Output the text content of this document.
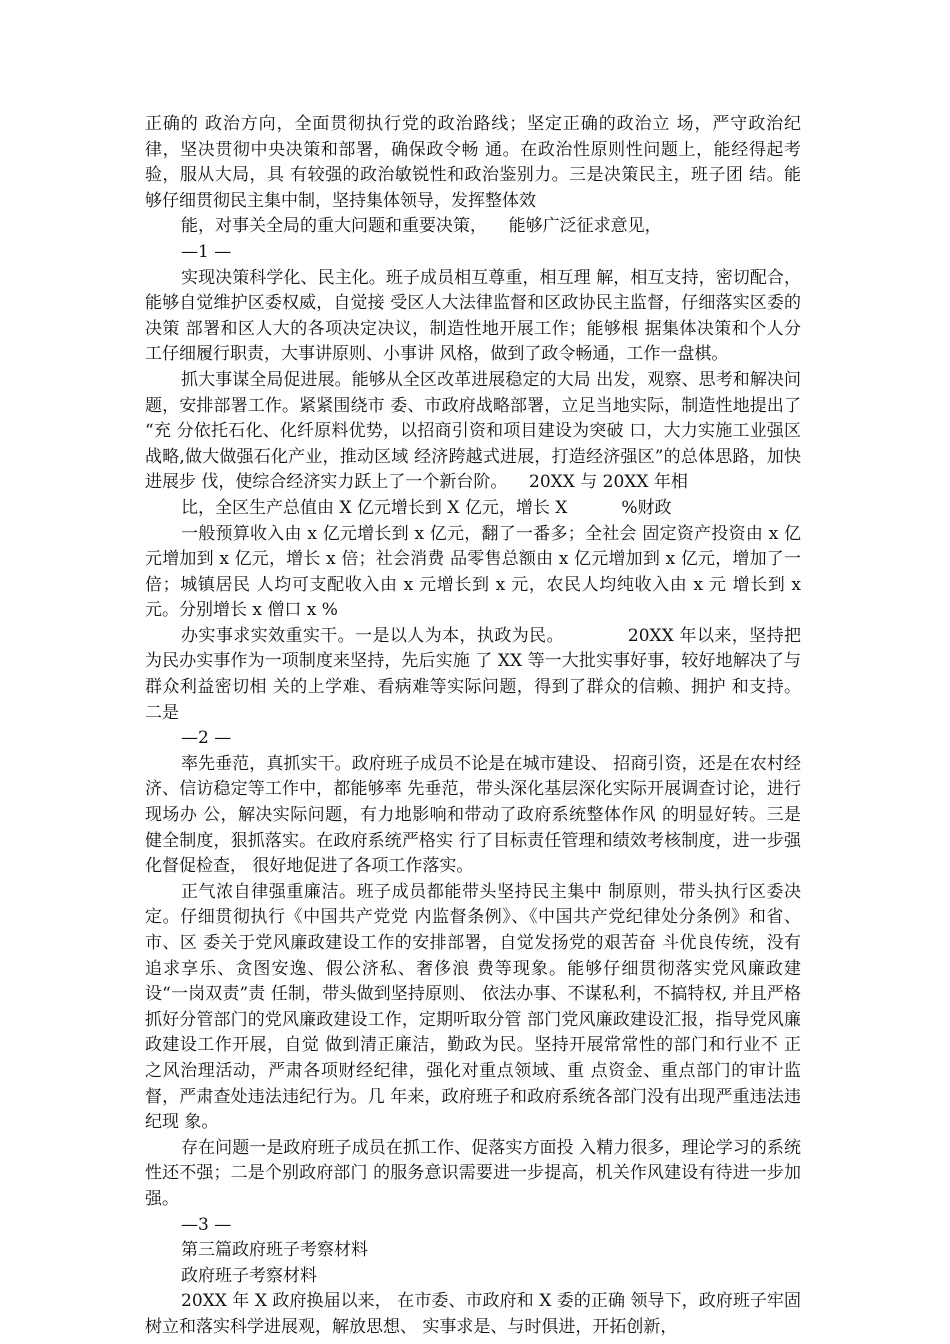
正确的 政治方向，全面贯彻执行党的政治路线；坚定正确的政治立 场，严守政治纪律，坚决贯彻中央决策和部署，确保政令畅 通。在政治性原则性问题上，能经得起考验，服从大局，具 有较强的政治敏锐性和政治鉴别力。三是决策民主，班子团 结。能够仔细贯彻民主集中制，坚持集体领导，发挥整体效

能，对事关全局的重大问题和重要决策，    能够广泛征求意见，

—1 —

实现决策科学化、民主化。班子成员相互尊重，相互理 解，相互支持，密切配合，能够自觉维护区委权威，自觉接 受区人大法律监督和区政协民主监督，仔细落实区委的决策 部署和区人大的各项决定决议，制造性地开展工作；能够根 据集体决策和个人分工仔细履行职责，大事讲原则、小事讲 风格，做到了政令畅通，工作一盘棋。

抓大事谋全局促进展。能够从全区改革进展稳定的大局 出发，观察、思考和解决问题，安排部署工作。紧紧围绕市 委、市政府战略部署，立足当地实际，制造性地提出了 “充 分依托石化、化纤原料优势，以招商引资和项目建设为突破 口，大力实施工业强区战略,做大做强石化产业，推动区域 经济跨越式进展，打造经济强区”的总体思路，加快进展步 伐，使综合经济实力跃上了一个新台阶。    20XX 与 20XX 年相

比，全区生产总值由 X 亿元增长到 X 亿元，增长 X          %财政

一般预算收入由 x 亿元增长到 x 亿元，翻了一番多；全社会 固定资产投资由 x 亿元增加到 x 亿元，增长 x 倍；社会消费 品零售总额由 x 亿元增加到 x 亿元，增加了一倍；城镇居民 人均可支配收入由 x 元增长到 x 元，农民人均纯收入由 x 元 增长到 x 元。分别增长 x 僧口 x %

办实事求实效重实干。一是以人为本，执政为民。           20XX 年以来，坚持把为民办实事作为一项制度来坚持，先后实施 了 XX 等一大批实事好事，较好地解决了与群众利益密切相 关的上学难、看病难等实际问题，得到了群众的信赖、拥护 和支持。二是

—2 —

率先垂范，真抓实干。政府班子成员不论是在城市建设、 招商引资，还是在农村经济、信访稳定等工作中，都能够率 先垂范，带头深化基层深化实际开展调查讨论，进行现场办 公，解决实际问题，有力地影响和带动了政府系统整体作风 的明显好转。三是健全制度，狠抓落实。在政府系统严格实 行了目标责任管理和绩效考核制度，进一步强化督促检查， 很好地促进了各项工作落实。

正气浓自律强重廉洁。班子成员都能带头坚持民主集中 制原则，带头执行区委决定。仔细贯彻执行《中国共产党党 内监督条例》、《中国共产党纪律处分条例》和省、市、区 委关于党风廉政建设工作的安排部署，自觉发扬党的艰苦奋 斗优良传统，没有追求享乐、贪图安逸、假公济私、奢侈浪 费等现象。能够仔细贯彻落实党风廉政建设“一岗双责”责 任制，带头做到坚持原则、 依法办事、不谋私利，不搞特权, 并且严格抓好分管部门的党风廉政建设工作，定期听取分管 部门党风廉政建设汇报，指导党风廉政建设工作开展，自觉 做到清正廉洁，勤政为民。坚持开展常常性的部门和行业不 正之风治理活动，严肃各项财经纪律，强化对重点领域、重 点资金、重点部门的审计监督，严肃查处违法违纪行为。几 年来，政府班子和政府系统各部门没有出现严重违法违纪现 象。

存在问题一是政府班子成员在抓工作、促落实方面投 入精力很多，理论学习的系统性还不强；二是个别政府部门 的服务意识需要进一步提高，机关作风建设有待进一步加 强。

—3 —

第三篇政府班子考察材料

政府班子考察材料

20XX 年 X 政府换届以来， 在市委、市政府和 X 委的正确 领导下，政府班子牢固树立和落实科学进展观，解放思想、 实事求是、与时俱进，开拓创新，
